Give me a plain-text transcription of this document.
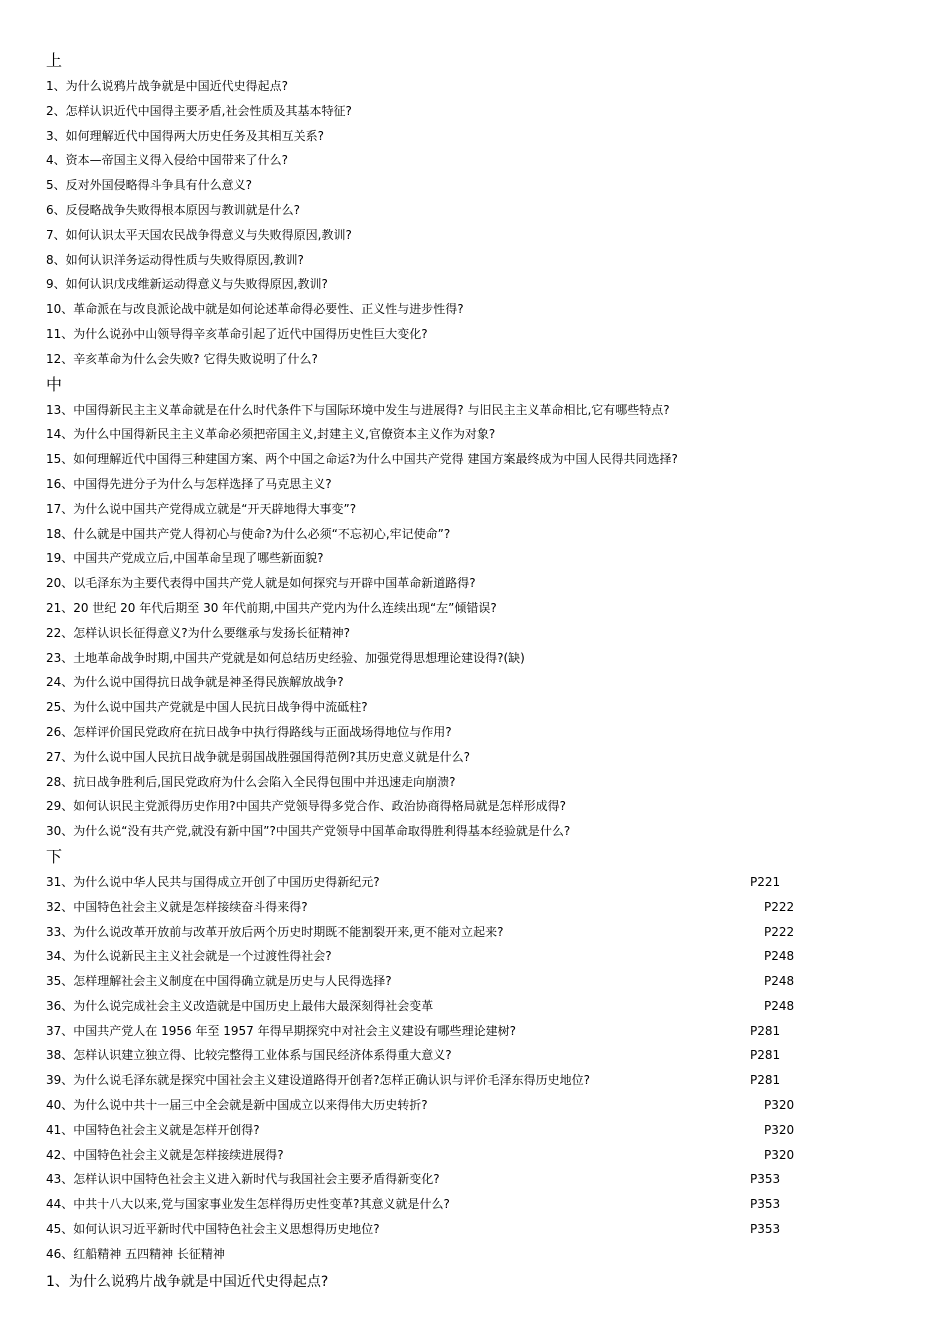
上
1、为什么说鸦片战争就是中国近代史得起点?
2、怎样认识近代中国得主要矛盾,社会性质及其基本特征?
3、如何理解近代中国得两大历史任务及其相互关系?
4、资本—帝国主义得入侵给中国带来了什么?
5、反对外国侵略得斗争具有什么意义?
6、反侵略战争失败得根本原因与教训就是什么?
7、如何认识太平天国农民战争得意义与失败得原因,教训?
8、如何认识洋务运动得性质与失败得原因,教训?
9、如何认识戊戌维新运动得意义与失败得原因,教训?
10、革命派在与改良派论战中就是如何论述革命得必要性、正义性与进步性得?
11、为什么说孙中山领导得辛亥革命引起了近代中国得历史性巨大变化?
12、辛亥革命为什么会失败? 它得失败说明了什么?
中
13、中国得新民主主义革命就是在什么时代条件下与国际环境中发生与进展得? 与旧民主主义革命相比,它有哪些特点?
14、为什么中国得新民主主义革命必须把帝国主义,封建主义,官僚资本主义作为对象?
15、如何理解近代中国得三种建国方案、两个中国之命运?为什么中国共产党得 建国方案最终成为中国人民得共同选择?
16、中国得先进分子为什么与怎样选择了马克思主义?
17、为什么说中国共产党得成立就是“开天辟地得大事变”?
18、什么就是中国共产党人得初心与使命?为什么必须“不忘初心,牢记使命”?
19、中国共产党成立后,中国革命呈现了哪些新面貌?
20、以毛泽东为主要代表得中国共产党人就是如何探究与开辟中国革命新道路得?
21、20 世纪 20 年代后期至 30 年代前期,中国共产党内为什么连续出现“左”倾错误?
22、怎样认识长征得意义?为什么要继承与发扬长征精神?
23、土地革命战争时期,中国共产党就是如何总结历史经验、加强党得思想理论建设得?(缺)
24、为什么说中国得抗日战争就是神圣得民族解放战争?
25、为什么说中国共产党就是中国人民抗日战争得中流砥柱?
26、怎样评价国民党政府在抗日战争中执行得路线与正面战场得地位与作用?
27、为什么说中国人民抗日战争就是弱国战胜强国得范例?其历史意义就是什么?
28、抗日战争胜利后,国民党政府为什么会陷入全民得包围中并迅速走向崩溃?
29、如何认识民主党派得历史作用?中国共产党领导得多党合作、政治协商得格局就是怎样形成得?
30、为什么说“没有共产党,就没有新中国”?中国共产党领导中国革命取得胜利得基本经验就是什么?
下
31、为什么说中华人民共与国得成立开创了中国历史得新纪元?	P221
32、中国特色社会主义就是怎样接续奋斗得来得?	P222
33、为什么说改革开放前与改革开放后两个历史时期既不能割裂开来,更不能对立起来?	P222
34、为什么说新民主主义社会就是一个过渡性得社会?	P248
35、怎样理解社会主义制度在中国得确立就是历史与人民得选择?	P248
36、为什么说完成社会主义改造就是中国历史上最伟大最深刻得社会变革	P248
37、中国共产党人在 1956 年至 1957 年得早期探究中对社会主义建设有哪些理论建树?	P281
38、怎样认识建立独立得、比较完整得工业体系与国民经济体系得重大意义?	P281
39、为什么说毛泽东就是探究中国社会主义建设道路得开创者?怎样正确认识与评价毛泽东得历史地位?	P281
40、为什么说中共十一届三中全会就是新中国成立以来得伟大历史转折?	P320
41、中国特色社会主义就是怎样开创得?	P320
42、中国特色社会主义就是怎样接续进展得?	P320
43、怎样认识中国特色社会主义进入新时代与我国社会主要矛盾得新变化?	P353
44、中共十八大以来,党与国家事业发生怎样得历史性变革?其意义就是什么?	P353
45、如何认识习近平新时代中国特色社会主义思想得历史地位?	P353
46、红船精神 五四精神 长征精神
1、为什么说鸦片战争就是中国近代史得起点?
